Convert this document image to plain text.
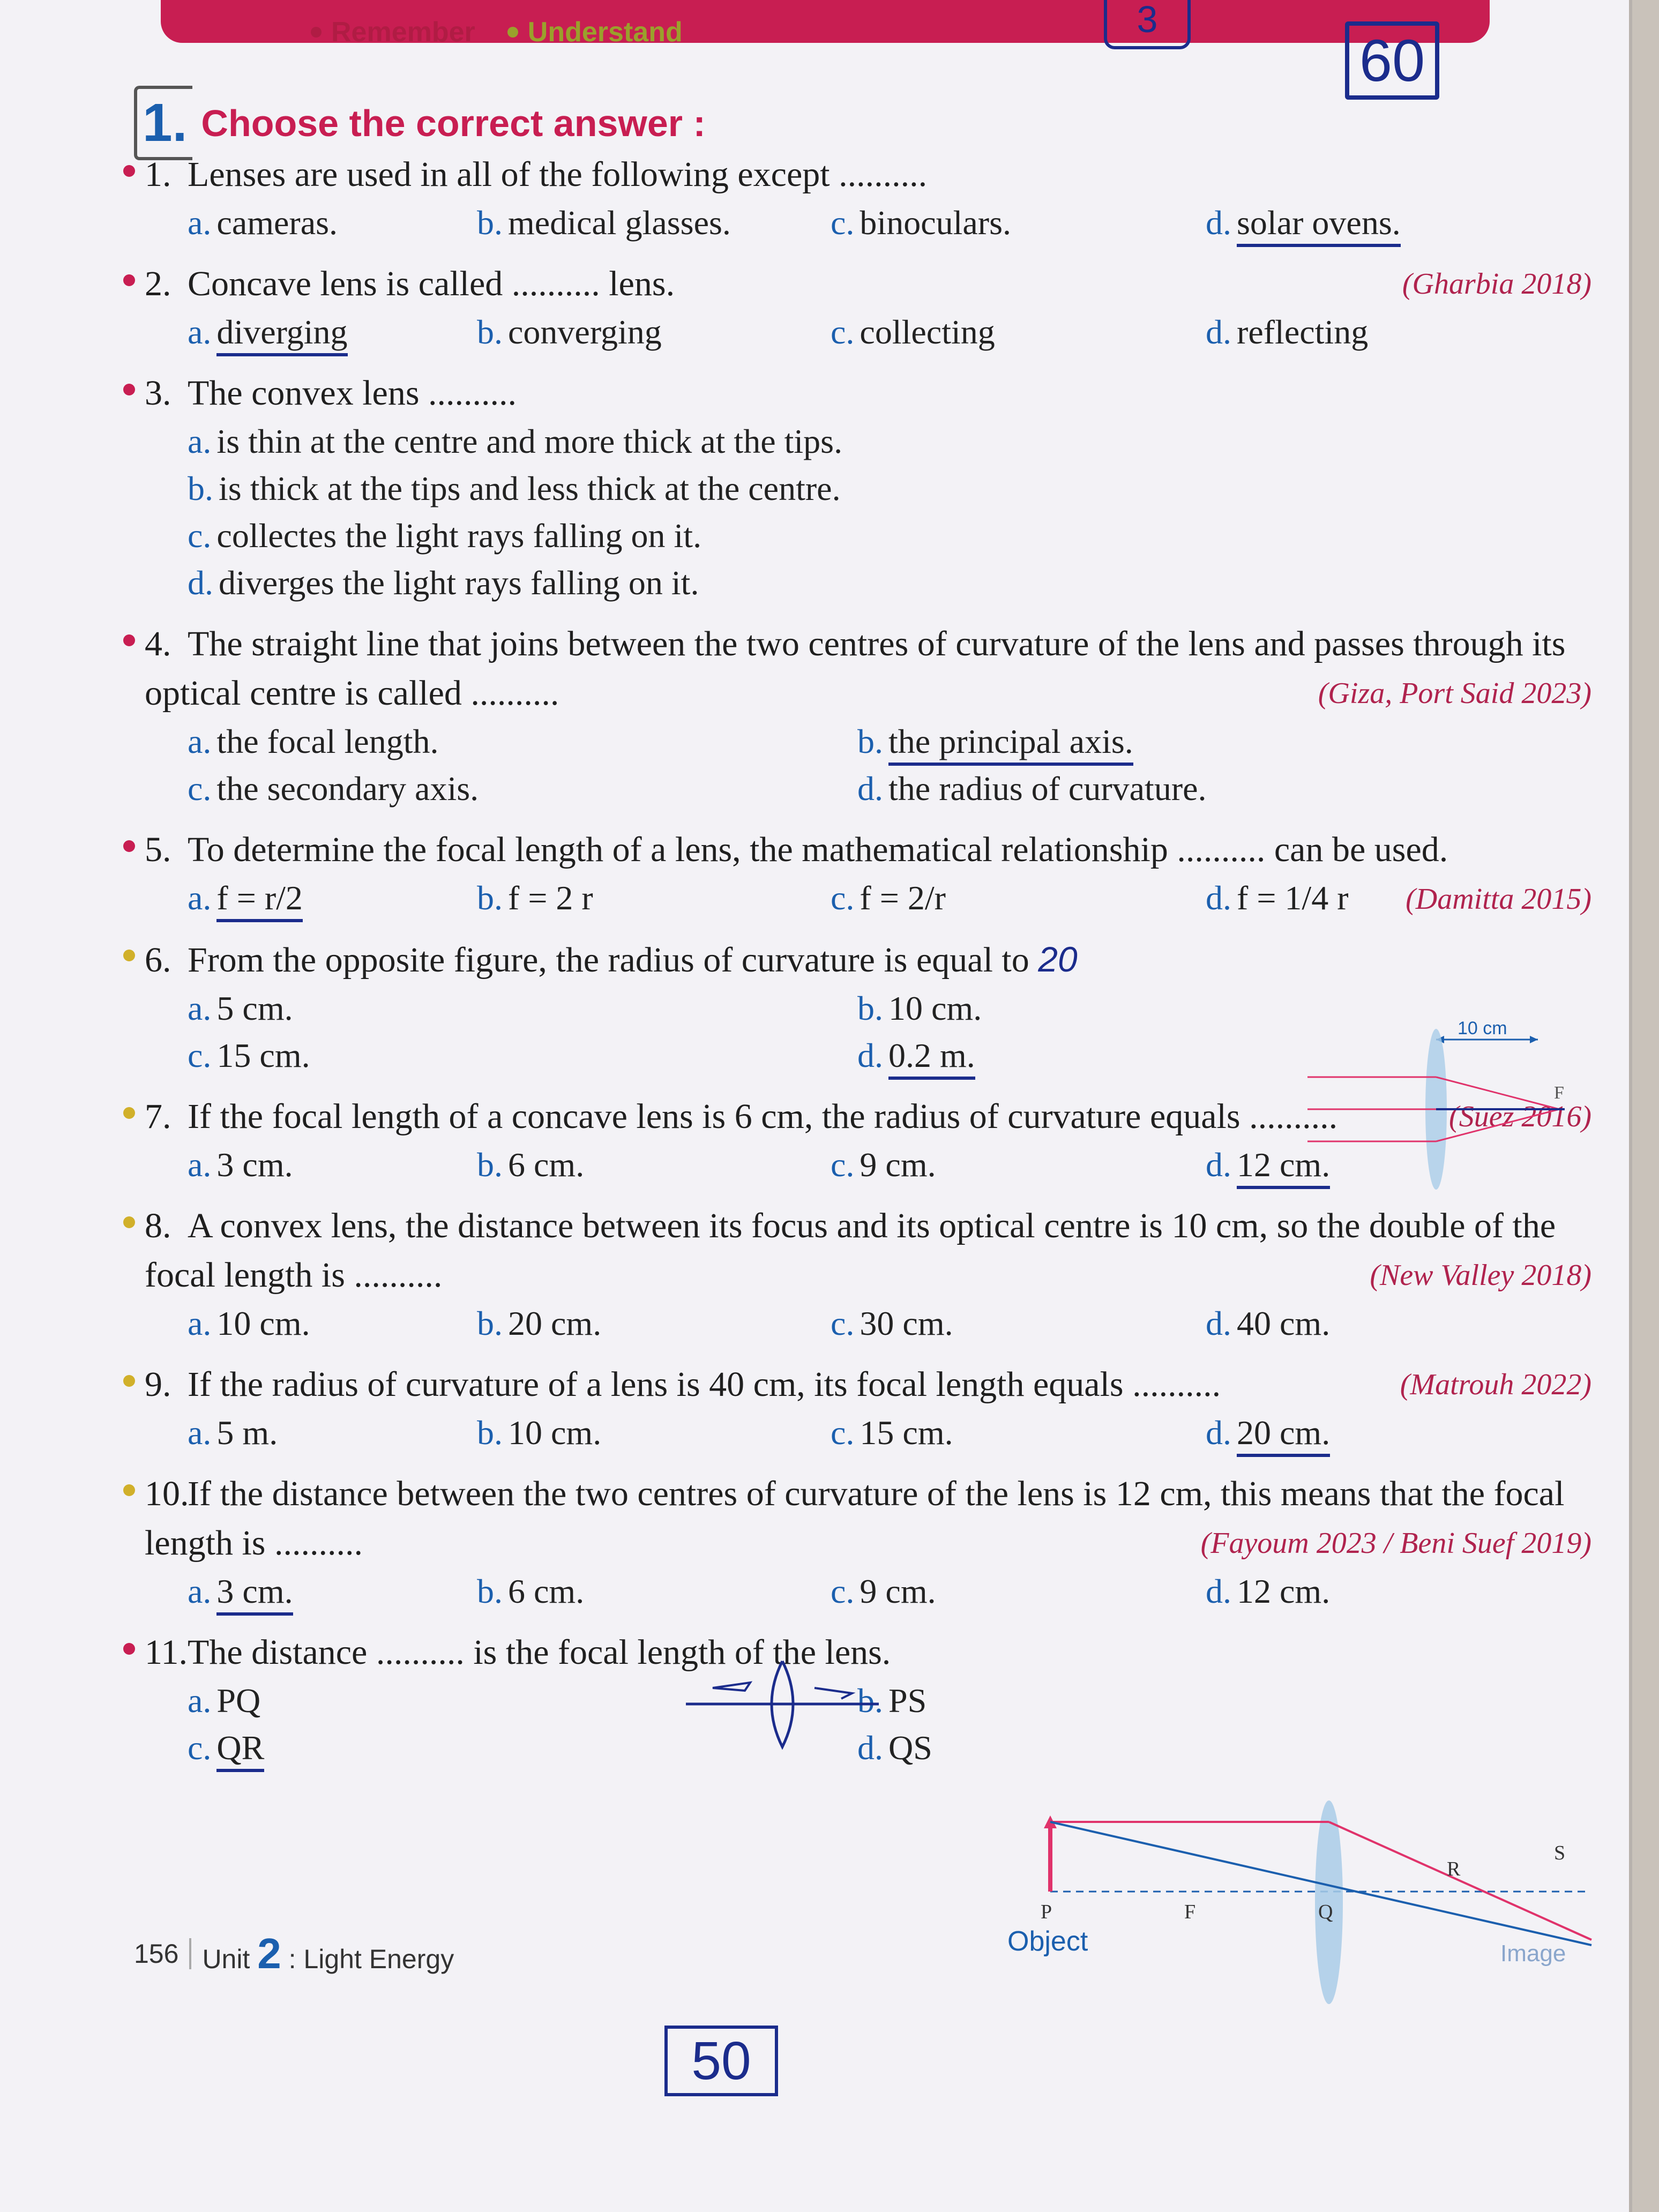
Remember Understand	3
60
1. Choose the correct answer :
1. Lenses are used in all of the following except ..........
a. cameras.	b. medical glasses.	c. binoculars.	d. solar ovens.
2. Concave lens is called .......... lens.	(Gharbia 2018)
a. diverging	b. converging	c. collecting	d. reflecting
3. The convex lens ..........
a. is thin at the centre and more thick at the tips.
b. is thick at the tips and less thick at the centre.
c. collectes the light rays falling on it.
d. diverges the light rays falling on it.
4. The straight line that joins between the two centres of curvature of the lens and passes through its optical centre is called ..........	(Giza, Port Said 2023)
a. the focal length.	b. the principal axis.
c. the secondary axis.	d. the radius of curvature.
5. To determine the focal length of a lens, the mathematical relationship .......... can be used.
(Damitta 2015)
a. f = r/2	b. f = 2 r	c. f = 2/r	d. f = 1/4 r
6. From the opposite figure, the radius of curvature is equal to 20
a. 5 cm.	b. 10 cm.
c. 15 cm.	d. 0.2 m.
7. If the focal length of a concave lens is 6 cm, the radius of curvature equals ..........	(Suez 2016)
a. 3 cm.	b. 6 cm.	c. 9 cm.	d. 12 cm.
8. A convex lens, the distance between its focus and its optical centre is 10 cm, so the double of the focal length is ..........	(New Valley 2018)
a. 10 cm.	b. 20 cm.	c. 30 cm.	d. 40 cm.
9. If the radius of curvature of a lens is 40 cm, its focal length equals ..........	(Matrouh 2022)
a. 5 m.	b. 10 cm.	c. 15 cm.	d. 20 cm.
10.If the distance between the two centres of curvature of the lens is 12 cm, this means that the focal length is ..........	(Fayoum 2023 / Beni Suef 2019)
a. 3 cm.	b. 6 cm.	c. 9 cm.	d. 12 cm.
11.The distance .......... is the focal length of the lens.
a. PQ	b. PS
c. QR	d. QS
10 cm
F
P	F	Q
R
S
Object	Image
156 Unit 2 : Light Energy
50
